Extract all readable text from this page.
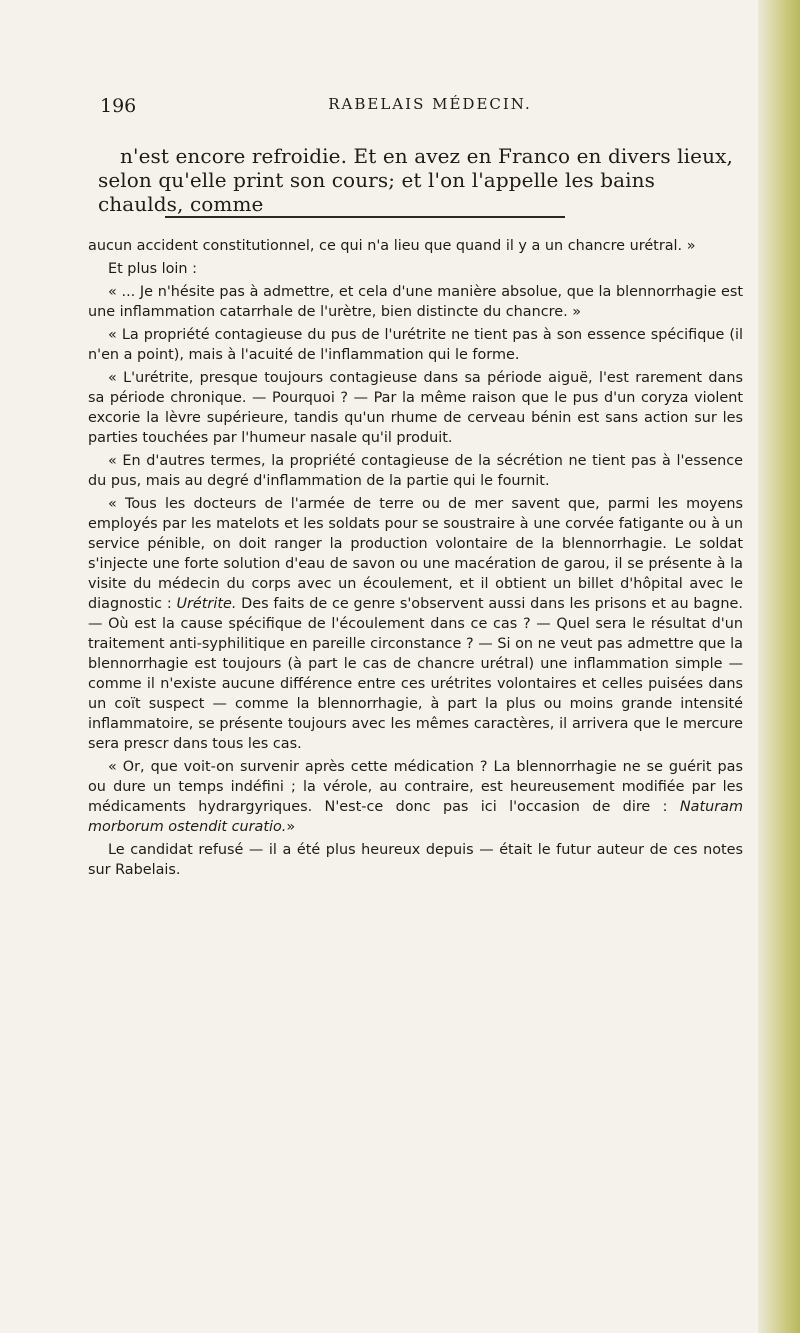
196	RABELAIS MÉDECIN.

n'est encore refroidie. Et en avez en Franco en divers lieux, selon qu'elle print son cours; et l'on l'appelle les bains chaulds, comme

aucun accident constitutionnel, ce qui n'a lieu que quand il y a un chancre urétral. »

Et plus loin :

« ... Je n'hésite pas à admettre, et cela d'une manière absolue, que la blennorrhagie est une inflammation catarrhale de l'urètre, bien distincte du chancre. »

« La propriété contagieuse du pus de l'urétrite ne tient pas à son essence spécifique (il n'en a point), mais à l'acuité de l'inflammation qui le forme.

« L'urétrite, presque toujours contagieuse dans sa période aiguë, l'est rarement dans sa période chronique. — Pourquoi ? — Par la même raison que le pus d'un coryza violent excorie la lèvre supérieure, tandis qu'un rhume de cerveau bénin est sans action sur les parties touchées par l'humeur nasale qu'il produit.

« En d'autres termes, la propriété contagieuse de la sécrétion ne tient pas à l'essence du pus, mais au degré d'inflammation de la partie qui le fournit.

« Tous les docteurs de l'armée de terre ou de mer savent que, parmi les moyens employés par les matelots et les soldats pour se soustraire à une corvée fatigante ou à un service pénible, on doit ranger la production volontaire de la blennorrhagie. Le soldat s'injecte une forte solution d'eau de savon ou une macération de garou, il se présente à la visite du médecin du corps avec un écoulement, et il obtient un billet d'hôpital avec le diagnostic : Urétrite. Des faits de ce genre s'observent aussi dans les prisons et au bagne. — Où est la cause spécifique de l'écoulement dans ce cas ? — Quel sera le résultat d'un traitement anti-syphilitique en pareille circonstance ? — Si on ne veut pas admettre que la blennorrhagie est toujours (à part le cas de chancre urétral) une inflammation simple — comme il n'existe aucune différence entre ces urétrites volontaires et celles puisées dans un coït suspect — comme la blennorrhagie, à part la plus ou moins grande intensité inflammatoire, se présente toujours avec les mêmes caractères, il arrivera que le mercure sera prescr dans tous les cas.

« Or, que voit-on survenir après cette médication ? La blennorrhagie ne se guérit pas ou dure un temps indéfini ; la vérole, au contraire, est heureusement modifiée par les médicaments hydrargyriques. N'est-ce donc pas ici l'occasion de dire : Naturam morborum ostendit curatio.»

Le candidat refusé — il a été plus heureux depuis — était le futur auteur de ces notes sur Rabelais.
